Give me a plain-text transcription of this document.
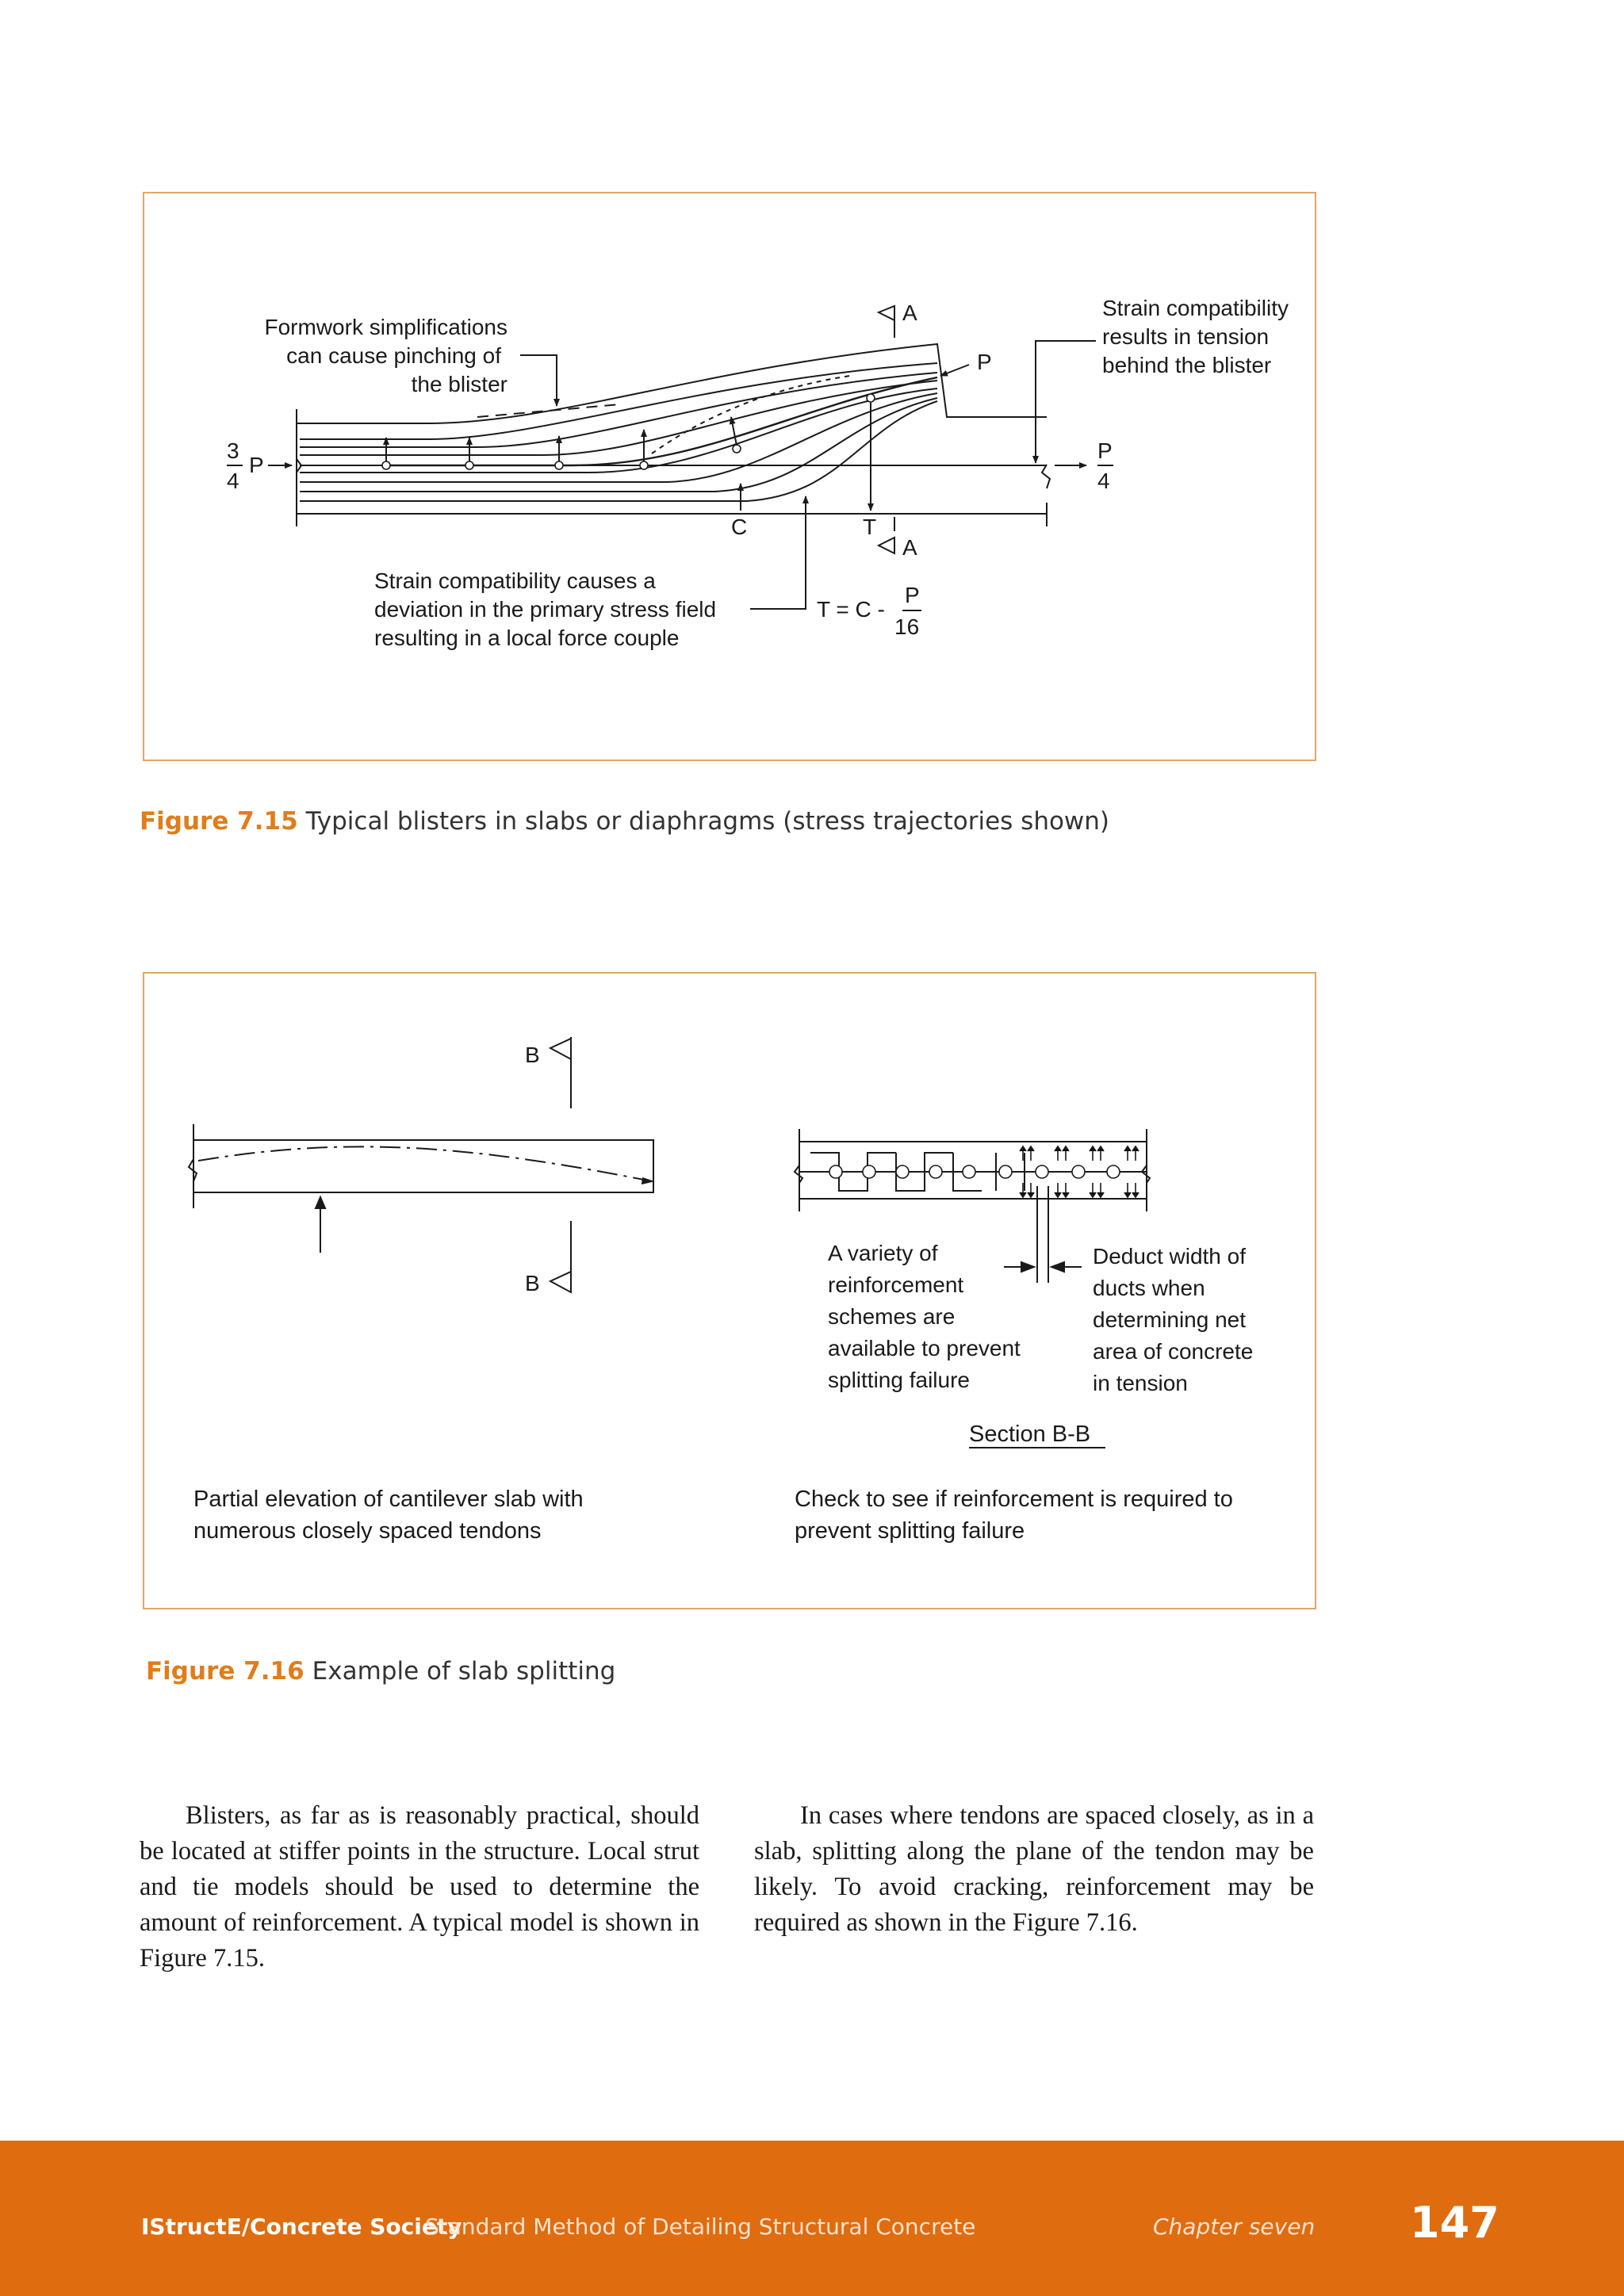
Formwork simplifications
can cause pinching of
the blister
Strain compatibility
results in tension
behind the blister
Strain compatibility causes a
deviation in the primary stress field
resulting in a local force couple
A
A
P
P
3
4
P
4
C	T
T = C -
P
16
Figure 7.15 Typical blisters in slabs or diaphragms (stress trajectories shown)
B
B
A variety of
reinforcement
schemes are
available to prevent
splitting failure
Deduct width of
ducts when
determining net
area of concrete
in tension
Section B-B
Partial elevation of cantilever slab with
numerous closely spaced tendons
Check to see if reinforcement is required to
prevent splitting failure
Figure 7.16 Example of slab splitting

Blisters, as far as is reasonably practical, should be located at stiffer points in the structure. Local strut and tie models should be used to determine the amount of reinforcement. A typical model is shown in Figure 7.15.

In cases where tendons are spaced closely, as in a slab, splitting along the plane of the tendon may be likely. To avoid cracking, reinforcement may be required as shown in the Figure 7.16.

IStructE/Concrete Society
Standard Method of Detailing Structural Concrete	Chapter seven 147
